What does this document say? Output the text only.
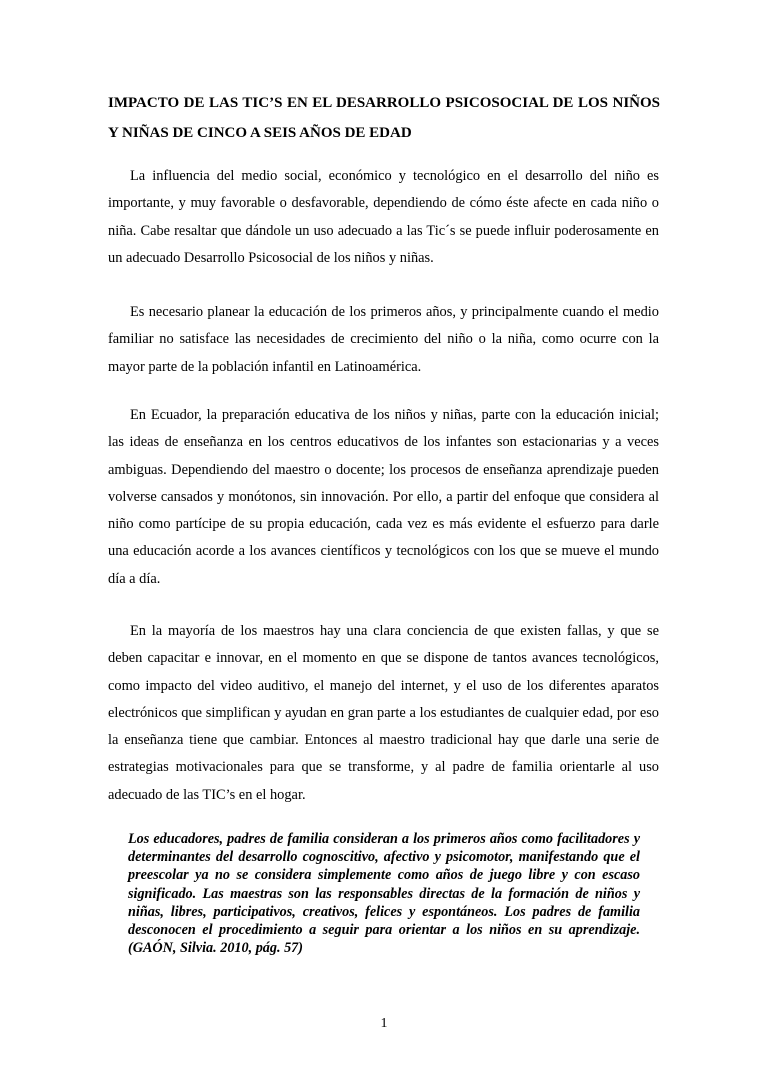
IMPACTO DE LAS TIC’S EN EL DESARROLLO PSICOSOCIAL DE LOS NIÑOS Y NIÑAS DE CINCO A SEIS AÑOS DE EDAD

La influencia del medio social, económico y tecnológico en el desarrollo del niño es importante, y muy favorable o desfavorable, dependiendo de cómo éste afecte en cada niño o niña. Cabe resaltar que dándole un uso adecuado a las Tic´s se puede influir poderosamente en un adecuado Desarrollo Psicosocial de los niños y niñas.

Es necesario planear la educación de los primeros años, y principalmente cuando el medio familiar no satisface las necesidades de crecimiento del niño o la niña, como ocurre con la mayor parte de la población infantil en Latinoamérica.

En Ecuador, la preparación educativa de los niños y niñas, parte con la educación inicial; las ideas de enseñanza en los centros educativos de los infantes son estacionarias y a veces ambiguas. Dependiendo del maestro o docente; los procesos de enseñanza aprendizaje pueden volverse cansados y monótonos, sin innovación. Por ello, a partir del enfoque que considera al niño como partícipe de su propia educación, cada vez es más evidente el esfuerzo para darle una educación acorde a los avances científicos y tecnológicos con los que se mueve el mundo día a día.

En la mayoría de los maestros hay una clara conciencia de que existen fallas, y que se deben capacitar e innovar, en el momento en que se dispone de tantos avances tecnológicos, como impacto del video auditivo, el manejo del internet, y el uso de los diferentes aparatos electrónicos que simplifican y ayudan en gran parte a los estudiantes de cualquier edad, por eso la enseñanza tiene que cambiar. Entonces al maestro tradicional hay que darle una serie de estrategias motivacionales para que se transforme, y al padre de familia orientarle al uso adecuado de las TIC’s en el hogar.

Los educadores, padres de familia consideran a los primeros años como facilitadores y determinantes del desarrollo cognoscitivo, afectivo y psicomotor, manifestando que el preescolar ya no se considera simplemente como años de juego libre y con escaso significado. Las maestras son las responsables directas de la formación de niños y niñas, libres, participativos, creativos, felices y espontáneos. Los padres de familia desconocen el procedimiento a seguir para orientar a los niños en su aprendizaje. (GAÓN, Silvia. 2010, pág. 57)

1
